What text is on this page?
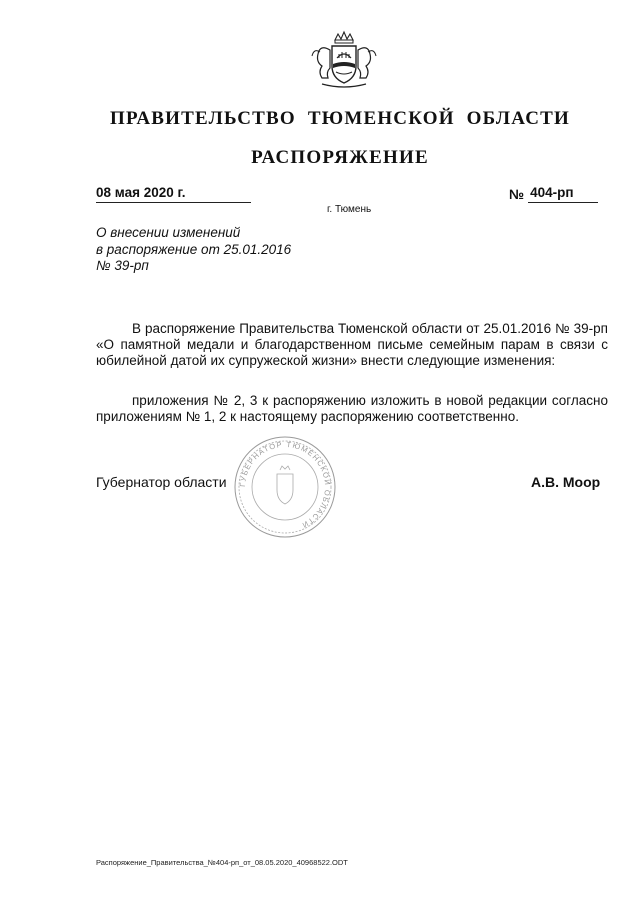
ПРАВИТЕЛЬСТВО ТЮМЕНСКОЙ ОБЛАСТИ
РАСПОРЯЖЕНИЕ
08 мая 2020 г.	№ 404-рп
г. Тюмень
О внесении изменений
в распоряжение от 25.01.2016
№ 39-рп
В распоряжение Правительства Тюменской области от 25.01.2016 № 39-рп «О памятной медали и благодарственном письме семейным парам в связи с юбилейной датой их супружеской жизни» внести следующие изменения:
приложения № 2, 3 к распоряжению изложить в новой редакции согласно приложениям № 1, 2 к настоящему распоряжению соответственно.
ГУБЕРНАТОР ТЮМЕНСКОЙ ОБЛАСТИ
Губернатор области	А.В. Моор
Распоряжение_Правительства_№404-рп_от_08.05.2020_40968522.ODT
